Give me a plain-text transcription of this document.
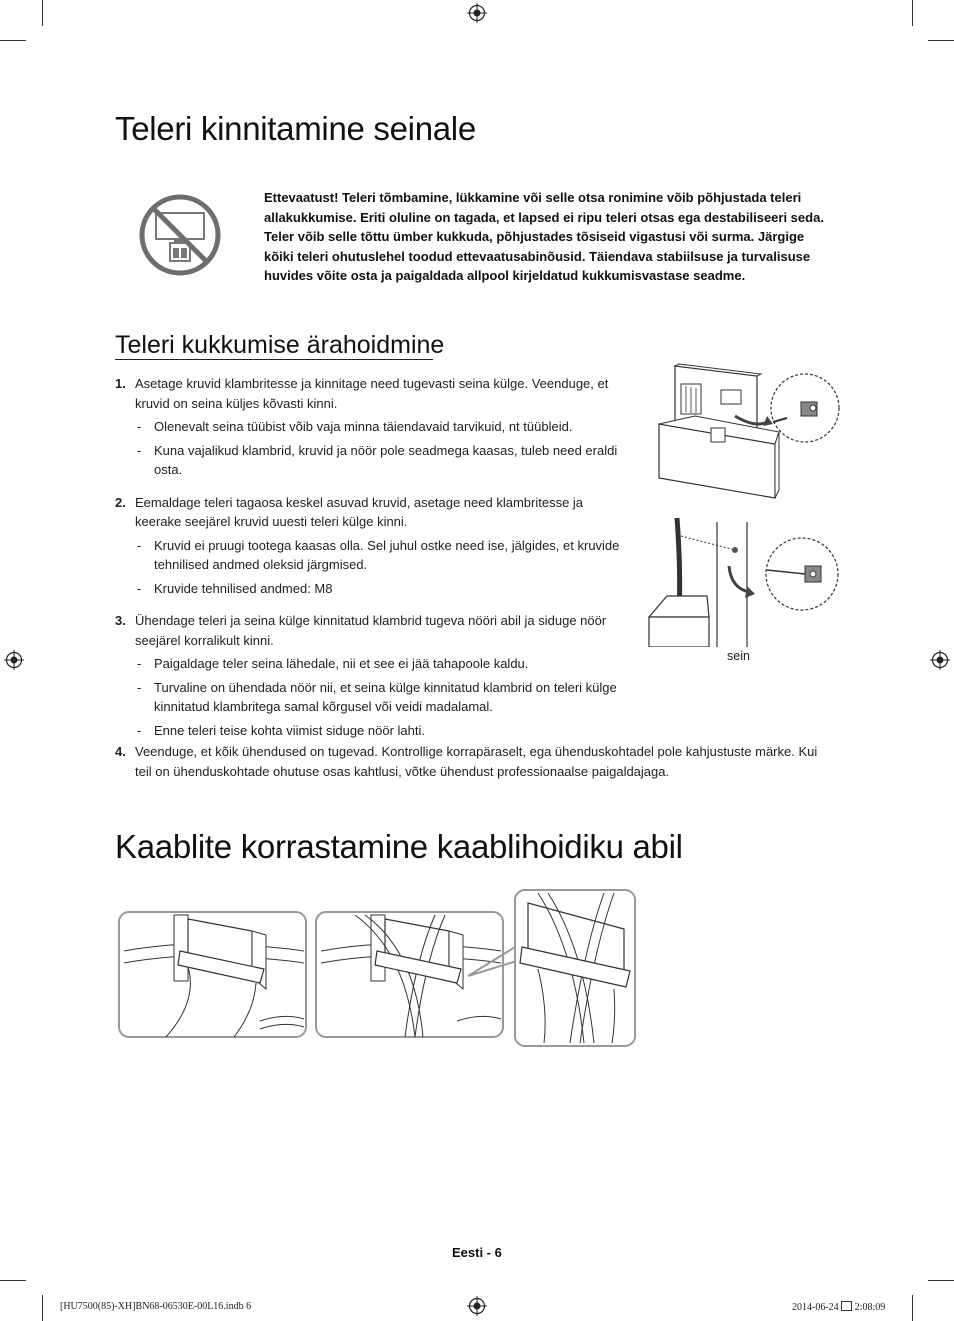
Teleri kinnitamine seinale
Ettevaatust! Teleri tõmbamine, lükkamine või selle otsa ronimine võib põhjustada teleri allakukkumise. Eriti oluline on tagada, et lapsed ei ripu teleri otsas ega destabiliseeri seda. Teler võib selle tõttu ümber kukkuda, põhjustades tõsiseid vigastusi või surma. Järgige kõiki teleri ohutuslehel toodud ettevaatusabinõusid. Täiendava stabiilsuse ja turvalisuse huvides võite osta ja paigaldada allpool kirjeldatud kukkumisvastase seadme.
Teleri kukkumise ärahoidmine
1. Asetage kruvid klambritesse ja kinnitage need tugevasti seina külge. Veenduge, et kruvid on seina küljes kõvasti kinni.
- Olenevalt seina tüübist võib vaja minna täiendavaid tarvikuid, nt tüübleid.
- Kuna vajalikud klambrid, kruvid ja nöör pole seadmega kaasas, tuleb need eraldi osta.
2. Eemaldage teleri tagaosa keskel asuvad kruvid, asetage need klambritesse ja keerake seejärel kruvid uuesti teleri külge kinni.
- Kruvid ei pruugi tootega kaasas olla. Sel juhul ostke need ise, jälgides, et kruvide tehnilised andmed oleksid järgmised.
- Kruvide tehnilised andmed: M8
3. Ühendage teleri ja seina külge kinnitatud klambrid tugeva nööri abil ja siduge nöör seejärel korralikult kinni.
- Paigaldage teler seina lähedale, nii et see ei jää tahapoole kaldu.
- Turvaline on ühendada nöör nii, et seina külge kinnitatud klambrid on teleri külge kinnitatud klambritega samal kõrgusel või veidi madalamal.
- Enne teleri teise kohta viimist siduge nöör lahti.
4. Veenduge, et kõik ühendused on tugevad. Kontrollige korrapäraselt, ega ühenduskohtadel pole kahjustuste märke. Kui teil on ühenduskohtade ohutuse osas kahtlusi, võtke ühendust professionaalse paigaldajaga.
sein
Kaablite korrastamine kaablihoidiku abil
Eesti - 6
[HU7500(85)-XH]BN68-06530E-00L16.indb 6	2014-06-24  2:08:09
